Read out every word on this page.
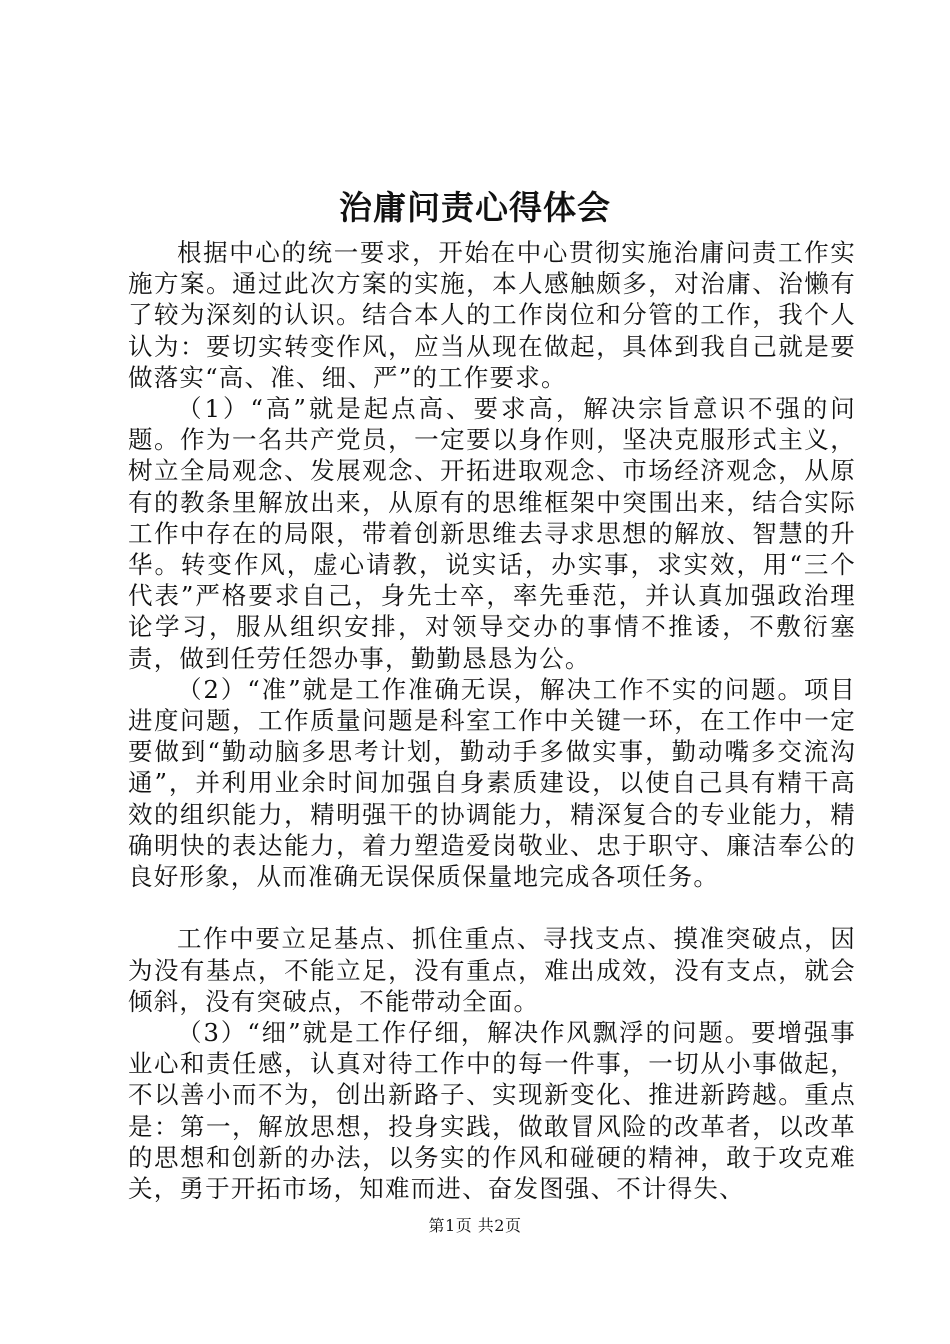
治庸问责心得体会

根据中心的统一要求，开始在中心贯彻实施治庸问责工作实施方案。通过此次方案的实施，本人感触颇多，对治庸、治懒有了较为深刻的认识。结合本人的工作岗位和分管的工作，我个人认为：要切实转变作风，应当从现在做起，具体到我自己就是要做落实“高、准、细、严”的工作要求。

（1）“高”就是起点高、要求高，解决宗旨意识不强的问题。作为一名共产党员，一定要以身作则，坚决克服形式主义，树立全局观念、发展观念、开拓进取观念、市场经济观念，从原有的教条里解放出来，从原有的思维框架中突围出来，结合实际工作中存在的局限，带着创新思维去寻求思想的解放、智慧的升华。转变作风，虚心请教，说实话，办实事，求实效，用“三个代表”严格要求自己，身先士卒，率先垂范，并认真加强政治理论学习，服从组织安排，对领导交办的事情不推诿，不敷衍塞责，做到任劳任怨办事，勤勤恳恳为公。

（2）“准”就是工作准确无误，解决工作不实的问题。项目进度问题，工作质量问题是科室工作中关键一环，在工作中一定要做到“勤动脑多思考计划，勤动手多做实事，勤动嘴多交流沟通”，并利用业余时间加强自身素质建设，以使自己具有精干高效的组织能力，精明强干的协调能力，精深复合的专业能力，精确明快的表达能力，着力塑造爱岗敬业、忠于职守、廉洁奉公的良好形象，从而准确无误保质保量地完成各项任务。

工作中要立足基点、抓住重点、寻找支点、摸准突破点，因为没有基点，不能立足，没有重点，难出成效，没有支点，就会倾斜，没有突破点，不能带动全面。

（3）“细”就是工作仔细，解决作风飘浮的问题。要增强事业心和责任感，认真对待工作中的每一件事，一切从小事做起，不以善小而不为，创出新路子、实现新变化、推进新跨越。重点是：第一，解放思想，投身实践，做敢冒风险的改革者，以改革的思想和创新的办法，以务实的作风和碰硬的精神，敢于攻克难关，勇于开拓市场，知难而进、奋发图强、不计得失、

第1页 共2页
